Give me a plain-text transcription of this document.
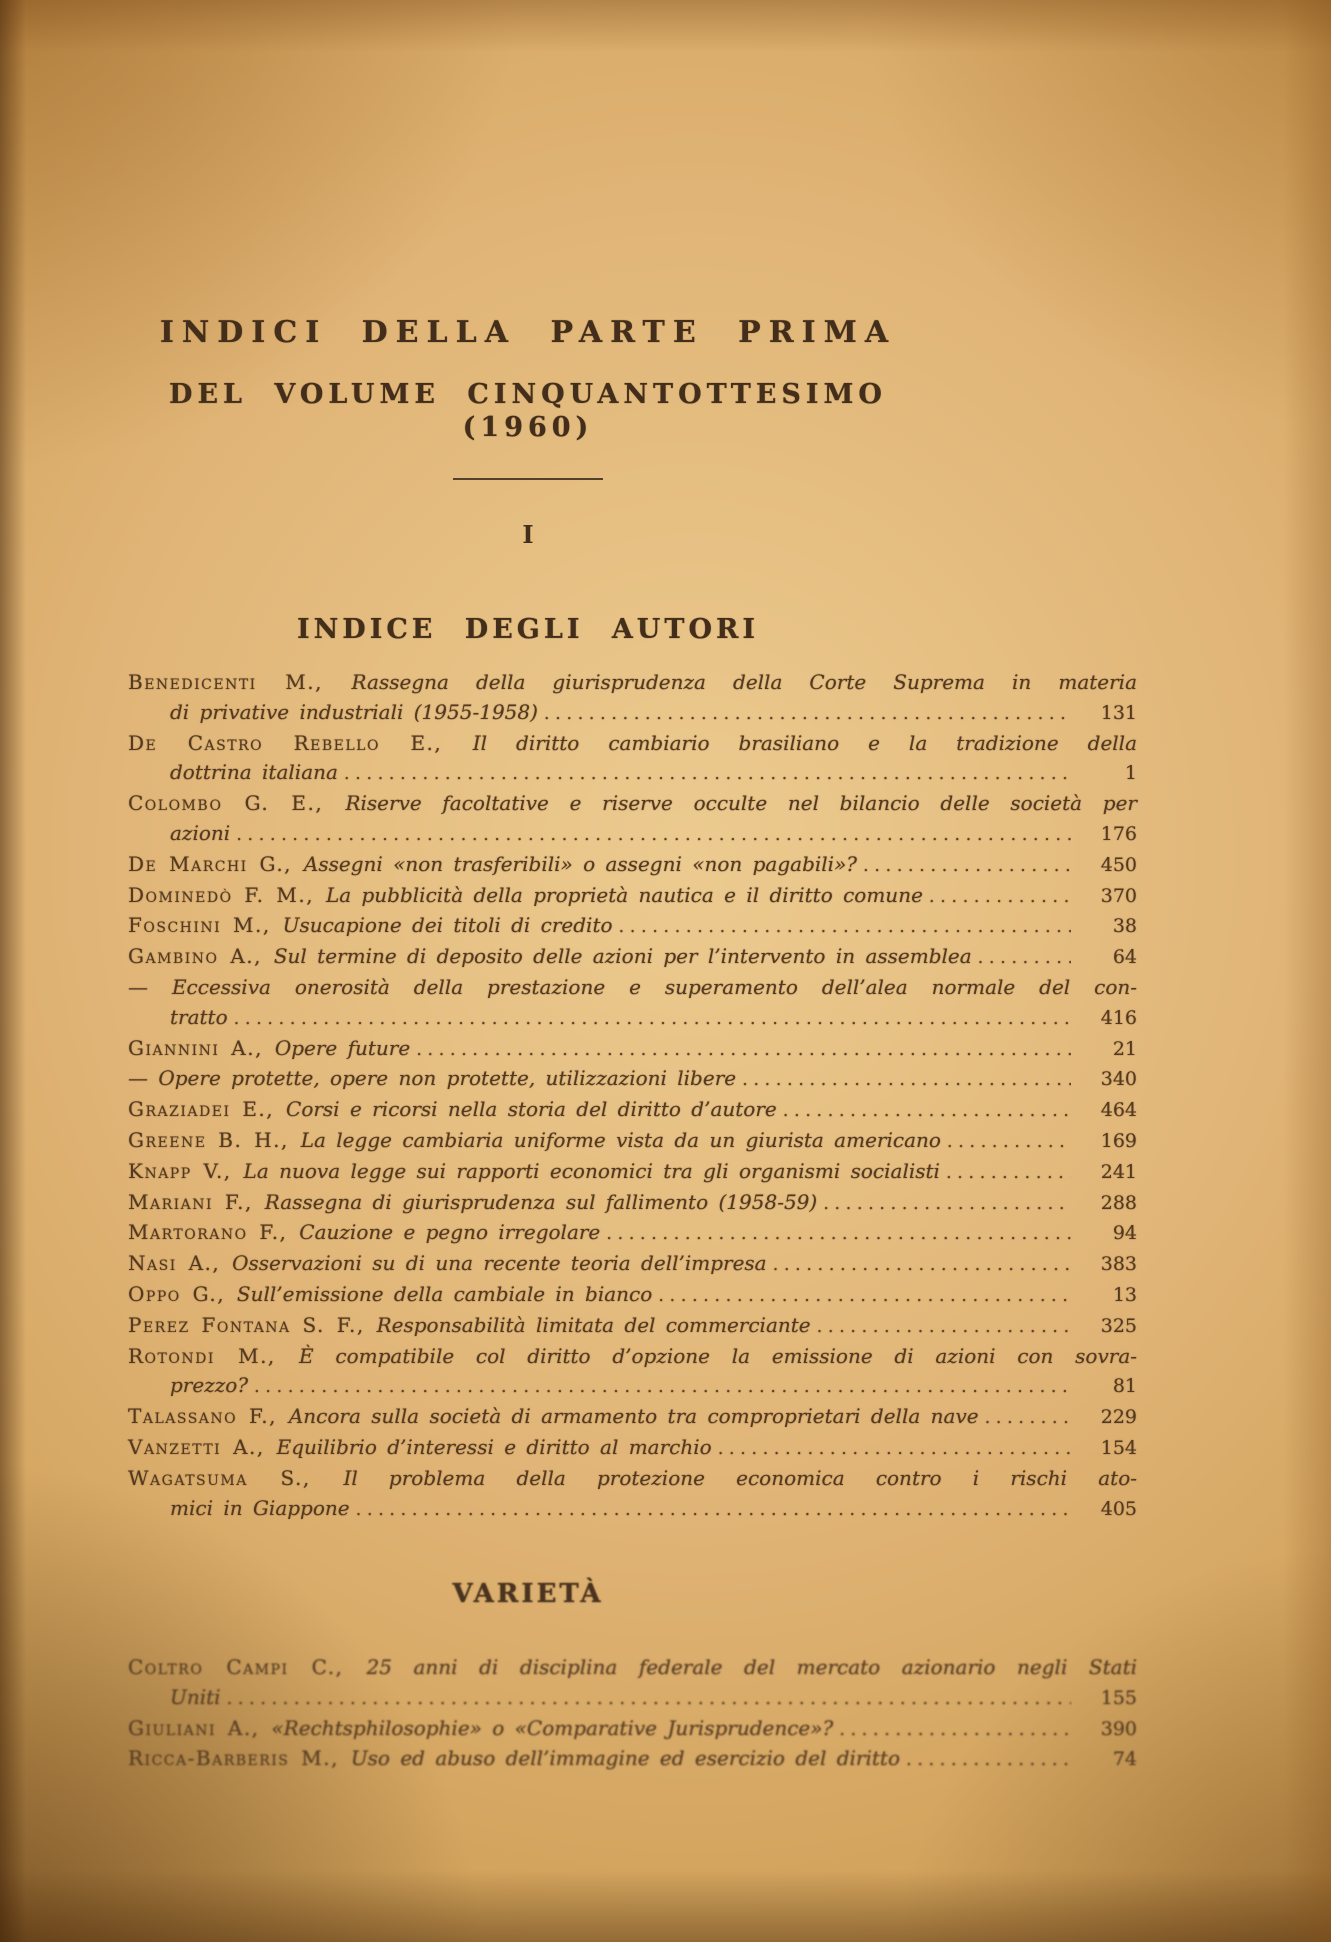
INDICI DELLA PARTE PRIMA
DEL VOLUME CINQUANTOTTESIMO (1960)
I
INDICE DEGLI AUTORI
Benedicenti M., Rassegna della giurisprudenza della Corte Suprema in materia
di privative industriali (1955-1958) .....	131
De Castro Rebello E., Il diritto cambiario brasiliano e la tradizione della
dottrina italiana .....	1
Colombo G. E., Riserve facoltative e riserve occulte nel bilancio delle società per
azioni .....	176
De Marchi G., Assegni «non trasferibili» o assegni «non pagabili»? .....	450
Dominedò F. M., La pubblicità della proprietà nautica e il diritto comune .....	370
Foschini M., Usucapione dei titoli di credito .....	38
Gambino A., Sul termine di deposito delle azioni per l’intervento in assemblea .....	64
— Eccessiva onerosità della prestazione e superamento dell’alea normale del con-
tratto .....	416
Giannini A., Opere future .....	21
— Opere protette, opere non protette, utilizzazioni libere .....	340
Graziadei E., Corsi e ricorsi nella storia del diritto d’autore .....	464
Greene B. H., La legge cambiaria uniforme vista da un giurista americano .....	169
Knapp V., La nuova legge sui rapporti economici tra gli organismi socialisti .....	241
Mariani F., Rassegna di giurisprudenza sul fallimento (1958-59) .....	288
Martorano F., Cauzione e pegno irregolare .....	94
Nasi A., Osservazioni su di una recente teoria dell’impresa .....	383
Oppo G., Sull’emissione della cambiale in bianco .....	13
Perez Fontana S. F., Responsabilità limitata del commerciante .....	325
Rotondi M., È compatibile col diritto d’opzione la emissione di azioni con sovra-
prezzo? .....	81
Talassano F., Ancora sulla società di armamento tra comproprietari della nave .....	229
Vanzetti A., Equilibrio d’interessi e diritto al marchio .....	154
Wagatsuma S., Il problema della protezione economica contro i rischi ato-
mici in Giappone .....	405
VARIETÀ
Coltro Campi C., 25 anni di disciplina federale del mercato azionario negli Stati
Uniti .....	155
Giuliani A., «Rechtsphilosophie» o «Comparative Jurisprudence»? .....	390
Ricca-Barberis M., Uso ed abuso dell’immagine ed esercizio del diritto .....	74
